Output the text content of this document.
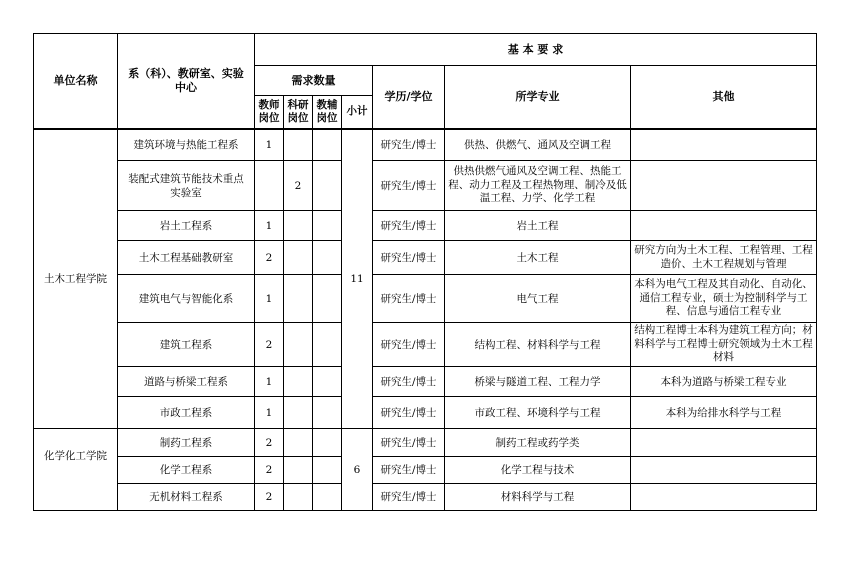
单位名称	系（科）、教研室、实验中心	基 本 要 求						
		需求数量				学历/学位	所学专业	其他
		教师岗位	科研岗位	教辅岗位	小计			
土木工程学院	建筑环境与热能工程系	1			11	研究生/博士	供热、供燃气、通风及空调工程	
	装配式建筑节能技术重点实验室		2			研究生/博士	供热供燃气通风及空调工程、热能工程、动力工程及工程热物理、制冷及低温工程、力学、化学工程	
	岩土工程系	1				研究生/博士	岩土工程	
	土木工程基础教研室	2				研究生/博士	土木工程	研究方向为土木工程、工程管理、工程造价、土木工程规划与管理
	建筑电气与智能化系	1				研究生/博士	电气工程	本科为电气工程及其自动化、自动化、通信工程专业，硕士为控制科学与工程、信息与通信工程专业
	建筑工程系	2				研究生/博士	结构工程、材料科学与工程	结构工程博士本科为建筑工程方向；材料科学与工程博士研究领域为土木工程材料
	道路与桥梁工程系	1				研究生/博士	桥梁与隧道工程、工程力学	本科为道路与桥梁工程专业
	市政工程系	1				研究生/博士	市政工程、环境科学与工程	本科为给排水科学与工程
化学化工学院	制药工程系	2			6	研究生/博士	制药工程或药学类	
	化学工程系	2				研究生/博士	化学工程与技术	
	无机材料工程系	2				研究生/博士	材料科学与工程	
